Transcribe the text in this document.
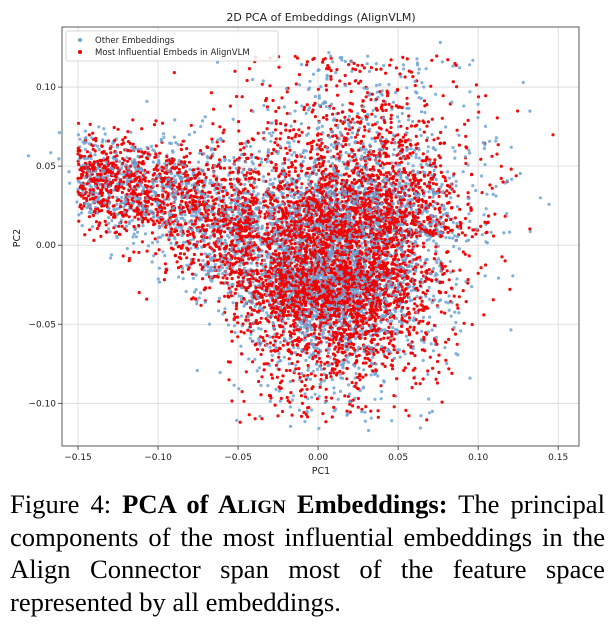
2D PCA of Embeddings (AlignVLM)
−0.15	−0.10	−0.05	0.00	0.05	0.10	0.15
−0.10
−0.05
0.00
0.05
0.10
PC1
PC2
Other Embeddings
Most Influential Embeds in AlignVLM
Figure 4: PCA of Align Embeddings: The principal components of the most influential embeddings in the Align Connector span most of the feature space represented by all embeddings.
